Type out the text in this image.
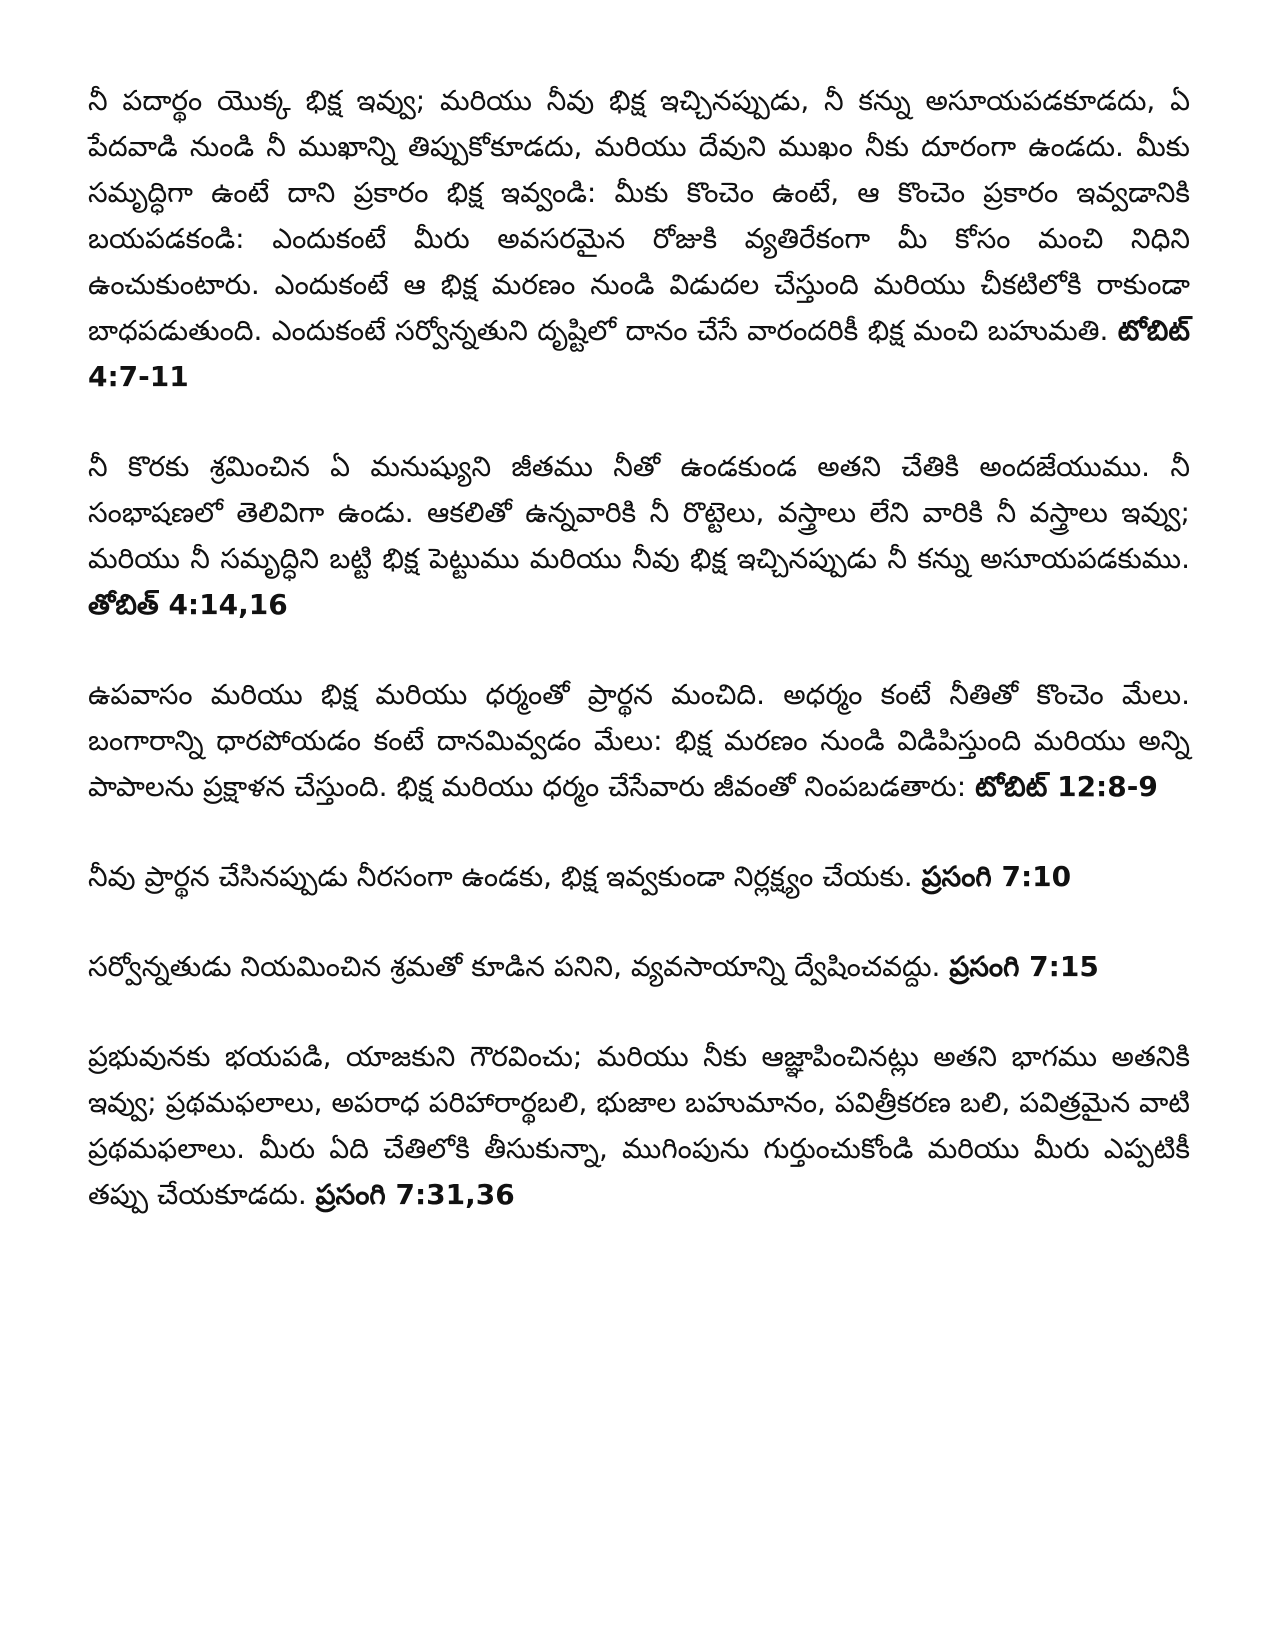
నీ పదార్థం యొక్క భిక్ష ఇవ్వు; మరియు నీవు భిక్ష ఇచ్చినప్పుడు, నీ కన్ను అసూయపడకూడదు, ఏ పేదవాడి నుండి నీ ముఖాన్ని తిప్పుకోకూడదు, మరియు దేవుని ముఖం నీకు దూరంగా ఉండదు. మీకు సమృద్ధిగా ఉంటే దాని ప్రకారం భిక్ష ఇవ్వండి: మీకు కొంచెం ఉంటే, ఆ కొంచెం ప్రకారం ఇవ్వడానికి బయపడకండి: ఎందుకంటే మీరు అవసరమైన రోజుకి వ్యతిరేకంగా మీ కోసం మంచి నిధిని ఉంచుకుంటారు. ఎందుకంటే ఆ భిక్ష మరణం నుండి విడుదల చేస్తుంది మరియు చీకటిలోకి రాకుండా బాధపడుతుంది. ఎందుకంటే సర్వోన్నతుని దృష్టిలో దానం చేసే వారందరికీ భిక్ష మంచి బహుమతి. టోబిట్ 4:7-11

నీ కొరకు శ్రమించిన ఏ మనుష్యుని జీతము నీతో ఉండకుండ అతని చేతికి అందజేయుము. నీ సంభాషణలో తెలివిగా ఉండు. ఆకలితో ఉన్నవారికి నీ రొట్టెలు, వస్త్రాలు లేని వారికి నీ వస్త్రాలు ఇవ్వు; మరియు నీ సమృద్ధిని బట్టి భిక్ష పెట్టుము మరియు నీవు భిక్ష ఇచ్చినప్పుడు నీ కన్ను అసూయపడకుము. తోబిత్ 4:14,16

ఉపవాసం మరియు భిక్ష మరియు ధర్మంతో ప్రార్థన మంచిది. అధర్మం కంటే నీతితో కొంచెం మేలు. బంగారాన్ని ధారపోయడం కంటే దానమివ్వడం మేలు: భిక్ష మరణం నుండి విడిపిస్తుంది మరియు అన్ని పాపాలను ప్రక్షాళన చేస్తుంది. భిక్ష మరియు ధర్మం చేసేవారు జీవంతో నింపబడతారు: టోబిట్ 12:8-9

నీవు ప్రార్థన చేసినప్పుడు నీరసంగా ఉండకు, భిక్ష ఇవ్వకుండా నిర్లక్ష్యం చేయకు. ప్రసంగి 7:10

సర్వోన్నతుడు నియమించిన శ్రమతో కూడిన పనిని, వ్యవసాయాన్ని ద్వేషించవద్దు. ప్రసంగి 7:15

ప్రభువునకు భయపడి, యాజకుని గౌరవించు; మరియు నీకు ఆజ్ఞాపించినట్లు అతని భాగము అతనికి ఇవ్వు; ప్రథమఫలాలు, అపరాధ పరిహారార్థబలి, భుజాల బహుమానం, పవిత్రీకరణ బలి, పవిత్రమైన వాటి ప్రథమఫలాలు. మీరు ఏది చేతిలోకి తీసుకున్నా, ముగింపును గుర్తుంచుకోండి మరియు మీరు ఎప్పటికీ తప్పు చేయకూడదు. ప్రసంగి 7:31,36
